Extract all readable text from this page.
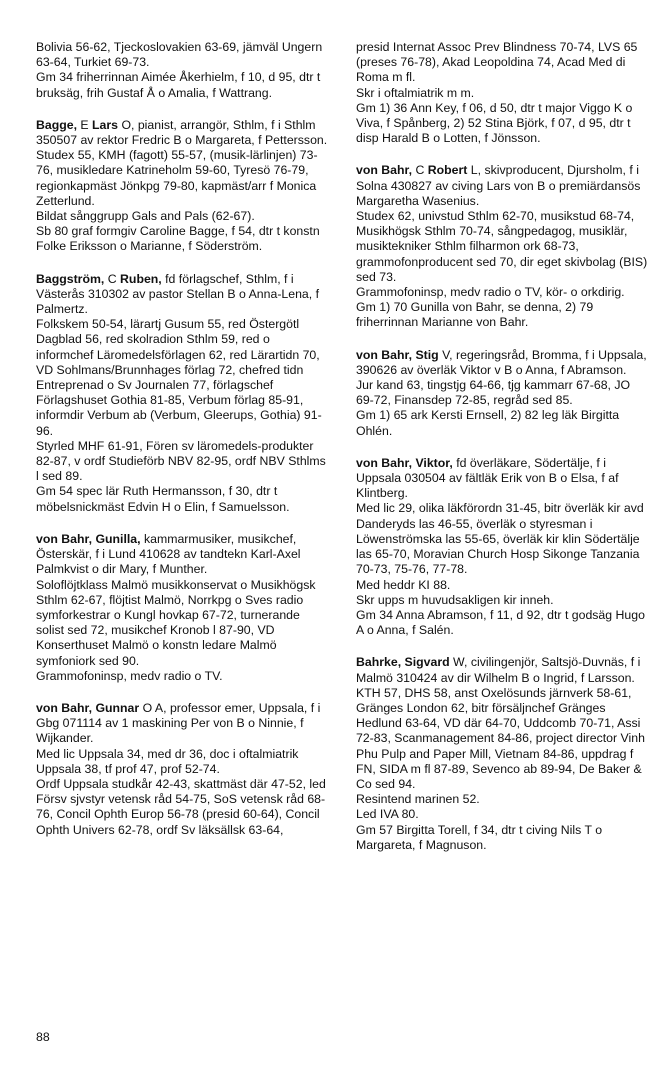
Bolivia 56-62, Tjeckoslovakien 63-69, jämväl Ungern 63-64, Turkiet 69-73.
Gm 34 friherrinnan Aimée Åkerhielm, f 10, d 95, dtr t bruksäg, frih Gustaf Å o Amalia, f Wattrang.

Bagge, E Lars O, pianist, arrangör, Sthlm, f i Sthlm 350507 av rektor Fredric B o Margareta, f Pettersson.

Studex 55, KMH (fagott) 55-57, (musik-lärlinjen) 73-76, musikledare Katrineholm 59-60, Tyresö 76-79, regionkapmäst Jönkpg 79-80, kapmäst/arr f Monica Zetterlund.

Bildat sånggrupp Gals and Pals (62-67).

Sb 80 graf formgiv Caroline Bagge, f 54, dtr t konstn Folke Eriksson o Marianne, f Söderström.

Baggström, C Ruben, fd förlagschef, Sthlm, f i Västerås 310302 av pastor Stellan B o Anna-Lena, f Palmertz.

Folkskem 50-54, lärartj Gusum 55, red Östergötl Dagblad 56, red skolradion Sthlm 59, red o informchef Läromedelsförlagen 62, red Lärartidn 70, VD Sohlmans/Brunnhages förlag 72, chefred tidn Entreprenad o Sv Journalen 77, förlagschef Förlagshuset Gothia 81-85, Verbum förlag 85-91, informdir Verbum ab (Verbum, Gleerups, Gothia) 91-96.

Styrled MHF 61-91, Fören sv läromedels-produkter 82-87, v ordf Studieförb NBV 82-95, ordf NBV Sthlms l sed 89.

Gm 54 spec lär Ruth Hermansson, f 30, dtr t möbelsnickmäst Edvin H o Elin, f Samuelsson.

von Bahr, Gunilla, kammarmusiker, musikchef, Österskär, f i Lund 410628 av tandtekn Karl-Axel Palmkvist o dir Mary, f Munther.

Soloflöjtklass Malmö musikkonservat o Musikhögsk Sthlm 62-67, flöjtist Malmö, Norrkpg o Sves radio symforkestrar o Kungl hovkap 67-72, turnerande solist sed 72, musikchef Kronob l 87-90, VD Konserthuset Malmö o konstn ledare Malmö symfoniork sed 90.

Grammofoninsp, medv radio o TV.

von Bahr, Gunnar O A, professor emer, Uppsala, f i Gbg 071114 av 1 maskining Per von B o Ninnie, f Wijkander.

Med lic Uppsala 34, med dr 36, doc i oftalmiatrik Uppsala 38, tf prof 47, prof 52-74.

Ordf Uppsala studkår 42-43, skattmäst där 47-52, led Försv sjvstyr vetensk råd 54-75, SoS vetensk råd 68-76, Concil Ophth Europ 56-78 (presid 60-64), Concil Ophth Univers 62-78, ordf Sv läksällsk 63-64,

presid Internat Assoc Prev Blindness 70-74, LVS 65 (preses 76-78), Akad Leopoldina 74, Acad Med di Roma m fl.

Skr i oftalmiatrik m m.

Gm 1) 36 Ann Key, f 06, d 50, dtr t major Viggo K o Viva, f Spånberg, 2) 52 Stina Björk, f 07, d 95, dtr t disp Harald B o Lotten, f Jönsson.

von Bahr, C Robert L, skivproducent, Djursholm, f i Solna 430827 av civing Lars von B o premiärdansös Margaretha Wasenius.

Studex 62, univstud Sthlm 62-70, musikstud 68-74, Musikhögsk Sthlm 70-74, sångpedagog, musiklär, musiktekniker Sthlm filharmon ork 68-73, grammofonproducent sed 70, dir eget skivbolag (BIS) sed 73.

Grammofoninsp, medv radio o TV, kör- o orkdirig.

Gm 1) 70 Gunilla von Bahr, se denna, 2) 79 friherrinnan Marianne von Bahr.

von Bahr, Stig V, regeringsråd, Bromma, f i Uppsala, 390626 av överläk Viktor v B o Anna, f Abramson.

Jur kand 63, tingstjg 64-66, tjg kammarr 67-68, JO 69-72, Finansdep 72-85, regråd sed 85.

Gm 1) 65 ark Kersti Ernsell, 2) 82 leg läk Birgitta Ohlén.

von Bahr, Viktor, fd överläkare, Södertälje, f i Uppsala 030504 av fältläk Erik von B o Elsa, f af Klintberg.

Med lic 29, olika läkförordn 31-45, bitr överläk kir avd Danderyds las 46-55, överläk o styresman i Löwenströmska las 55-65, överläk kir klin Södertälje las 65-70, Moravian Church Hosp Sikonge Tanzania 70-73, 75-76, 77-78.

Med heddr KI 88.

Skr upps m huvudsakligen kir inneh.

Gm 34 Anna Abramson, f 11, d 92, dtr t godsäg Hugo A o Anna, f Salén.

Bahrke, Sigvard W, civilingenjör, Saltsjö-Duvnäs, f i Malmö 310424 av dir Wilhelm B o Ingrid, f Larsson.

KTH 57, DHS 58, anst Oxelösunds järnverk 58-61, Gränges London 62, bitr försäljnchef Gränges Hedlund 63-64, VD där 64-70, Uddcomb 70-71, Assi 72-83, Scanmanagement 84-86, project director Vinh Phu Pulp and Paper Mill, Vietnam 84-86, uppdrag f FN, SIDA m fl 87-89, Sevenco ab 89-94, De Baker & Co sed 94.

Resintend marinen 52.

Led IVA 80.

Gm 57 Birgitta Torell, f 34, dtr t civing Nils T o Margareta, f Magnuson.

88
